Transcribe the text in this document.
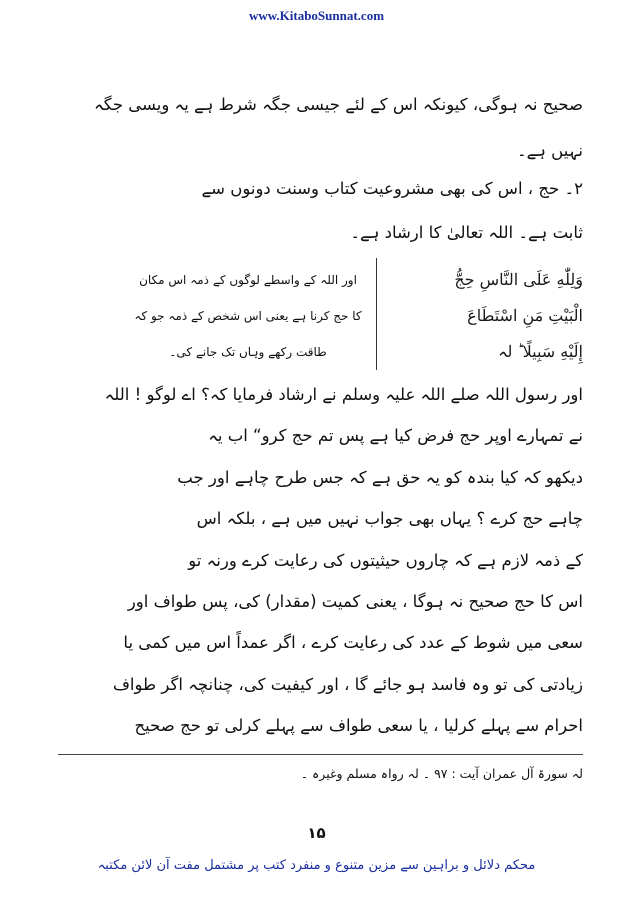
www.KitaboSunnat.com
صحیح نہ ہوگی، کیونکہ اس کے لئے جیسی جگہ شرط ہے یہ ویسی جگہ
نہیں ہے۔
۲۔ حج ، اس کی بھی مشروعیت کتاب وسنت دونوں سے
ثابت ہے۔ اللہ تعالیٰ کا ارشاد ہے۔
وَلِلّٰهِ عَلَى النَّاسِ حِجُّ
الْبَيْتِ مَنِ اسْتَطَاعَ
إِلَيْهِ سَبِيلًا ؕ لہ
اور اللہ کے واسطے لوگوں کے ذمہ اس مکان
کا حج کرنا ہے یعنی اس شخص کے ذمہ جو کہ
طاقت رکھے وہاں تک جانے کی۔
اور رسول اللہ صلے اللہ علیہ وسلم نے ارشاد فرمایا کہ؟ اے لوگو ! اللہ
نے تمہارے اوپر حج فرض کیا ہے پس تم حج کرو“ اب یہ
دیکھو کہ کیا بندہ کو یہ حق ہے کہ جس طرح چاہے اور جب
چاہے حج کرے ؟ یہاں بھی جواب نہیں میں ہے ، بلکہ اس
کے ذمہ لازم ہے کہ چاروں حیثیتوں کی رعایت کرے ورنہ تو
اس کا حج صحیح نہ ہوگا ، یعنی کمیت (مقدار) کی، پس طواف اور
سعی میں شوط کے عدد کی رعایت کرے ، اگر عمداً اس میں کمی یا
زیادتی کی تو وہ فاسد ہو جائے گا ، اور کیفیت کی، چنانچہ اگر طواف
احرام سے پہلے کرلیا ، یا سعی طواف سے پہلے کرلی تو حج صحیح
لہ سورۃ آل عمران آیت : ۹۷ ۔ لہ رواہ مسلم وغیرہ ۔
۱۵
محکم دلائل و براہین سے مزین متنوع و منفرد کتب پر مشتمل مفت آن لائن مکتبہ
